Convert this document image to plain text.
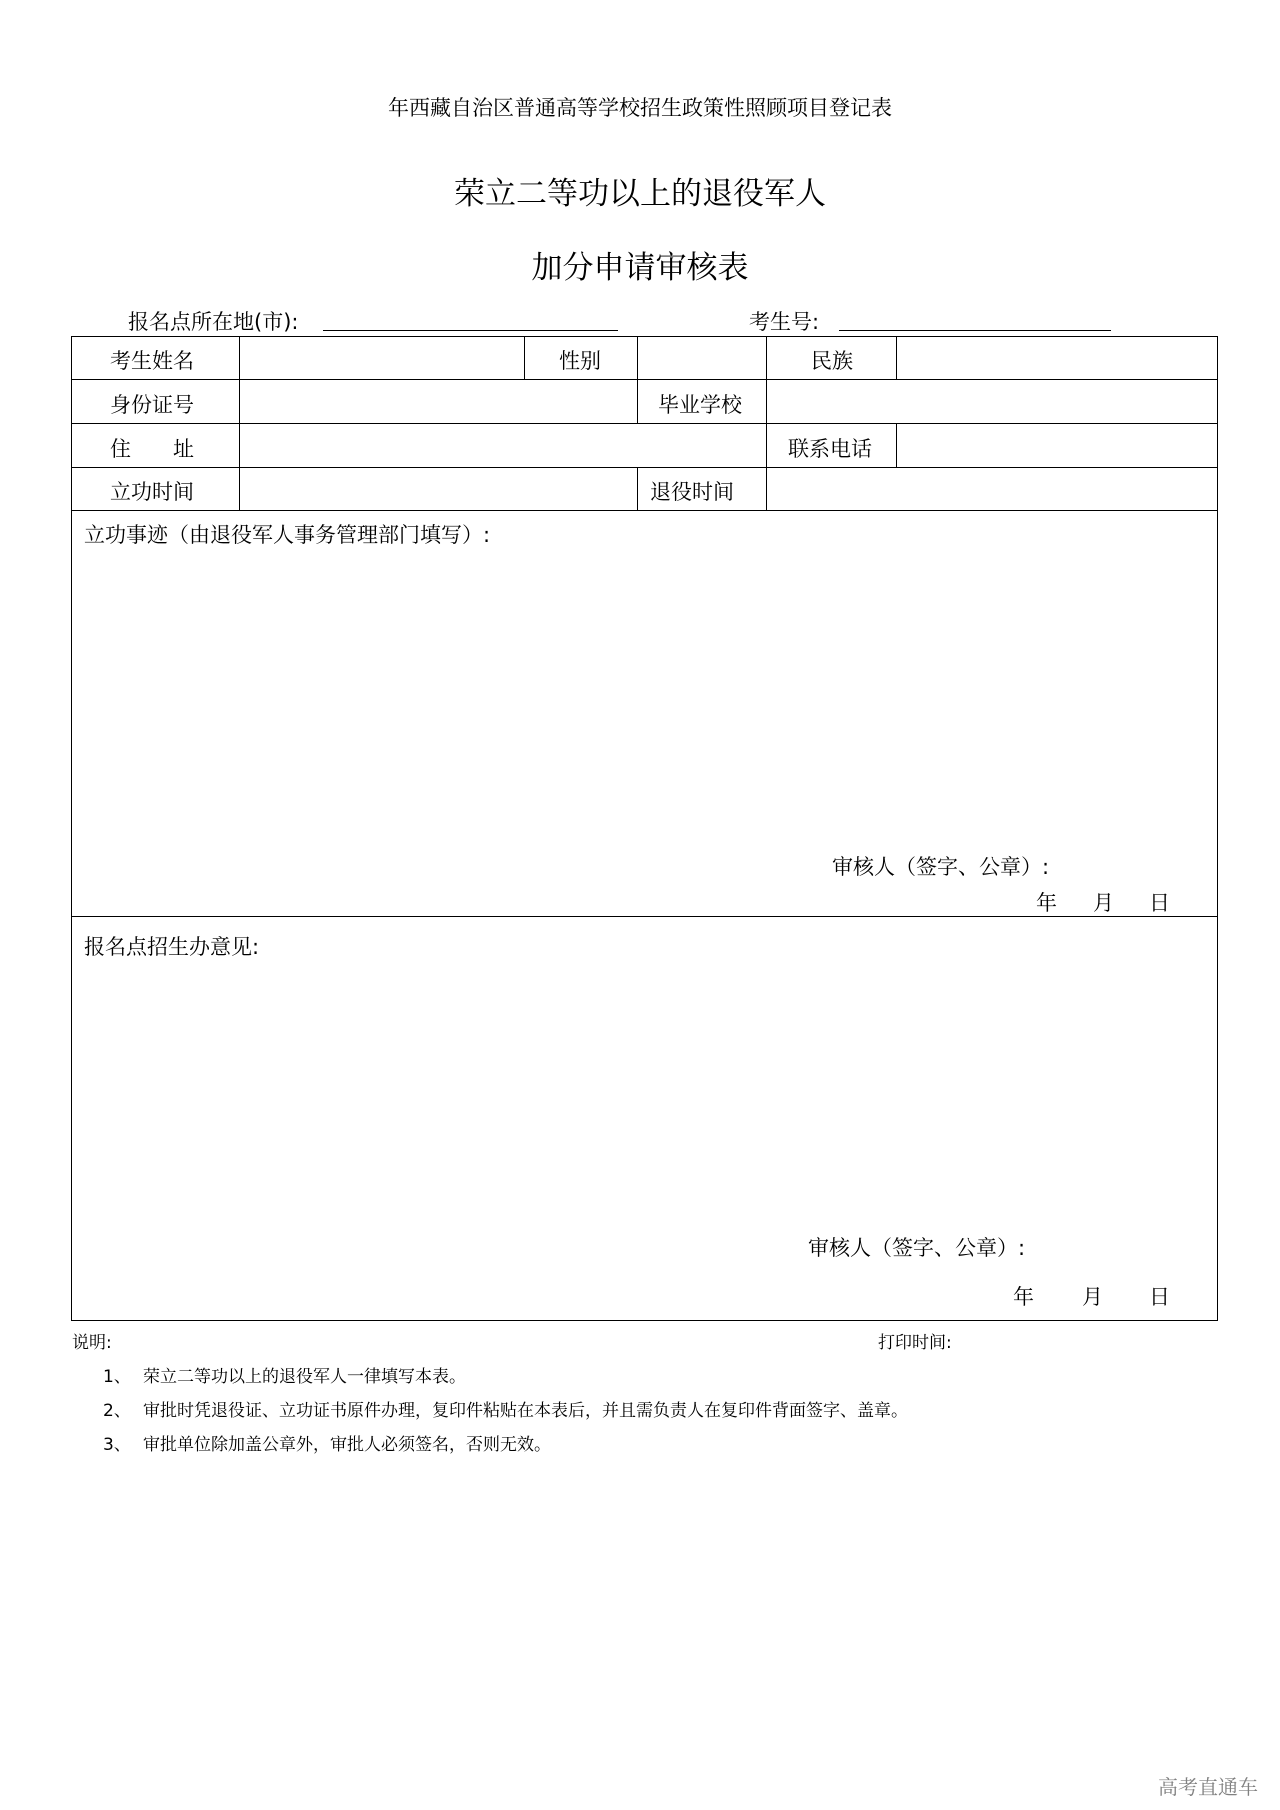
年西藏自治区普通高等学校招生政策性照顾项目登记表
荣立二等功以上的退役军人
加分申请审核表
报名点所在地(市):	考生号:
考生姓名	性别	民族
身份证号	毕业学校
住　　址	联系电话
立功时间	退役时间
立功事迹（由退役军人事务管理部门填写）:
审核人（签字、公章）:
年 月 日
报名点招生办意见:
审核人（签字、公章）:
年 月 日
说明:	打印时间:
1、 荣立二等功以上的退役军人一律填写本表。
2、 审批时凭退役证、立功证书原件办理，复印件粘贴在本表后，并且需负责人在复印件背面签字、盖章。
3、 审批单位除加盖公章外，审批人必须签名，否则无效。
高考直通车
